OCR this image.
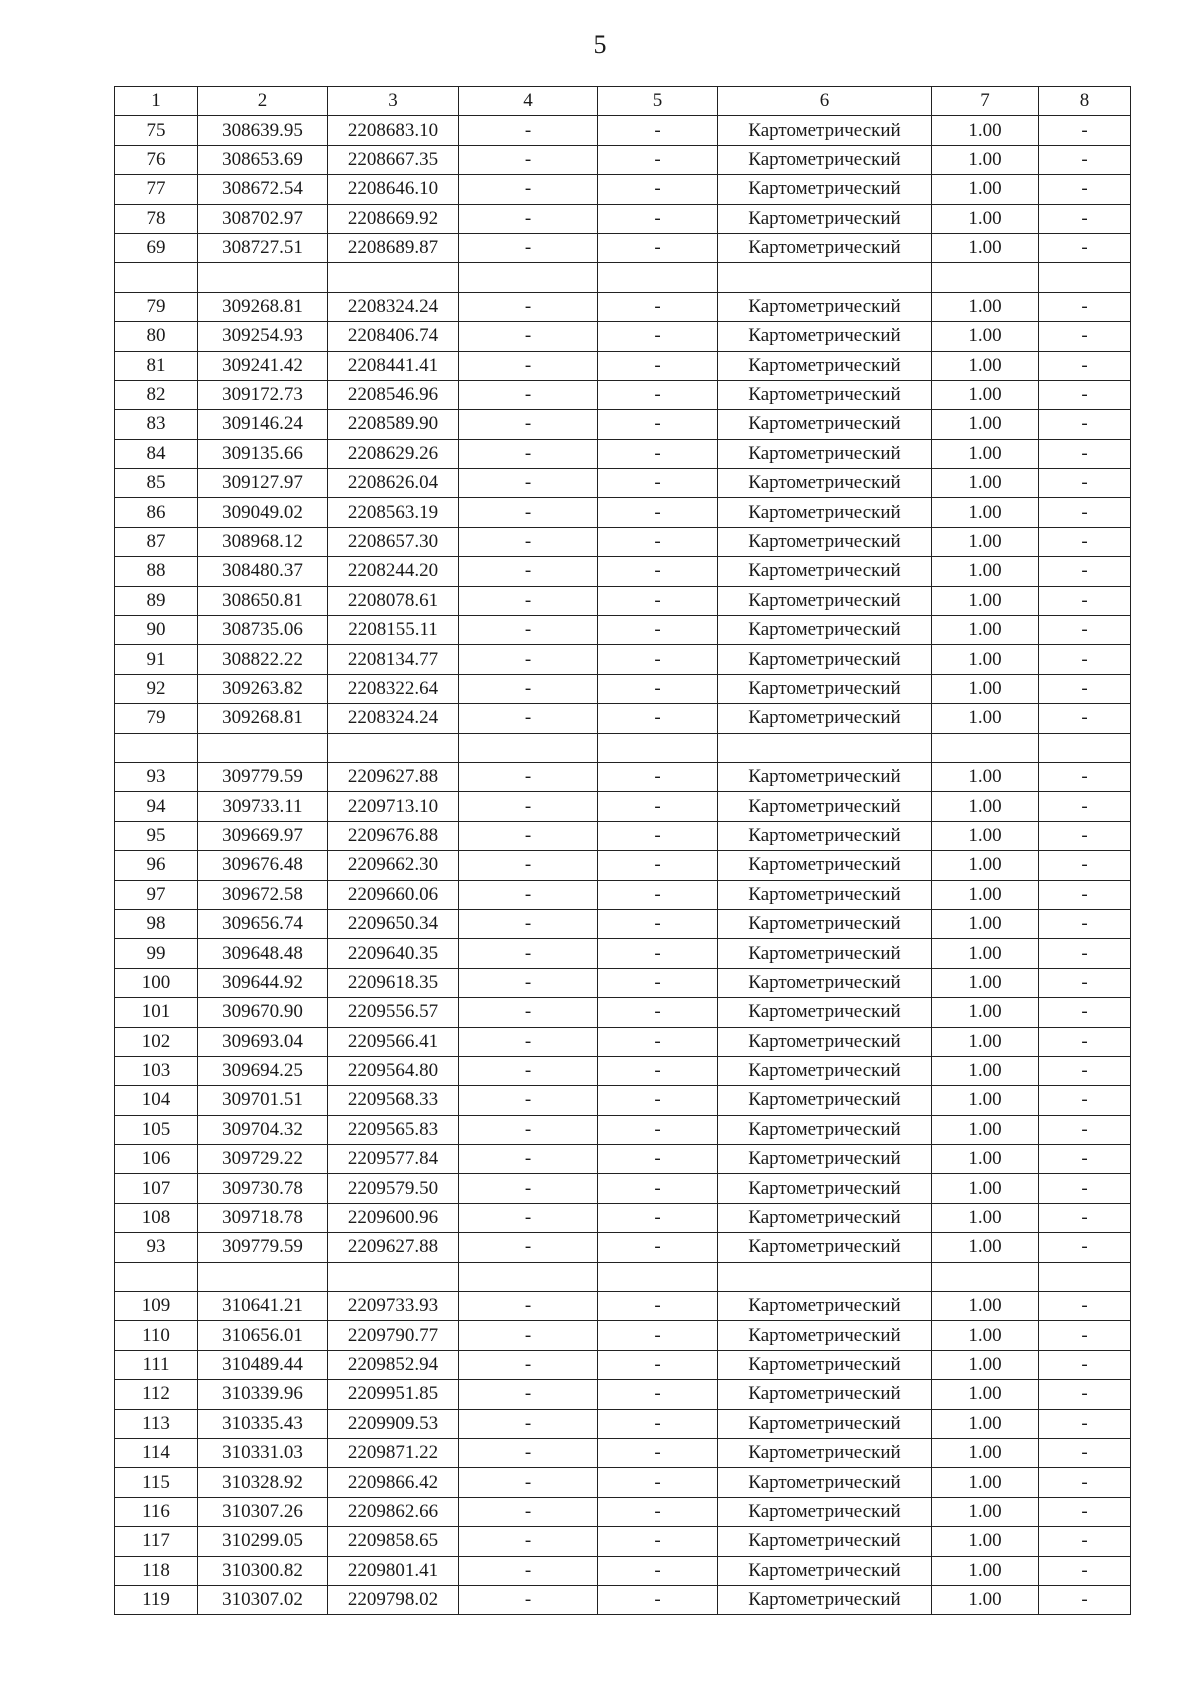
5
1	2	3	4	5	6	7	8
75	308639.95	2208683.10	-	-	Картометрический	1.00	-
76	308653.69	2208667.35	-	-	Картометрический	1.00	-
77	308672.54	2208646.10	-	-	Картометрический	1.00	-
78	308702.97	2208669.92	-	-	Картометрический	1.00	-
69	308727.51	2208689.87	-	-	Картометрический	1.00	-

79	309268.81	2208324.24	-	-	Картометрический	1.00	-
80	309254.93	2208406.74	-	-	Картометрический	1.00	-
81	309241.42	2208441.41	-	-	Картометрический	1.00	-
82	309172.73	2208546.96	-	-	Картометрический	1.00	-
83	309146.24	2208589.90	-	-	Картометрический	1.00	-
84	309135.66	2208629.26	-	-	Картометрический	1.00	-
85	309127.97	2208626.04	-	-	Картометрический	1.00	-
86	309049.02	2208563.19	-	-	Картометрический	1.00	-
87	308968.12	2208657.30	-	-	Картометрический	1.00	-
88	308480.37	2208244.20	-	-	Картометрический	1.00	-
89	308650.81	2208078.61	-	-	Картометрический	1.00	-
90	308735.06	2208155.11	-	-	Картометрический	1.00	-
91	308822.22	2208134.77	-	-	Картометрический	1.00	-
92	309263.82	2208322.64	-	-	Картометрический	1.00	-
79	309268.81	2208324.24	-	-	Картометрический	1.00	-

93	309779.59	2209627.88	-	-	Картометрический	1.00	-
94	309733.11	2209713.10	-	-	Картометрический	1.00	-
95	309669.97	2209676.88	-	-	Картометрический	1.00	-
96	309676.48	2209662.30	-	-	Картометрический	1.00	-
97	309672.58	2209660.06	-	-	Картометрический	1.00	-
98	309656.74	2209650.34	-	-	Картометрический	1.00	-
99	309648.48	2209640.35	-	-	Картометрический	1.00	-
100	309644.92	2209618.35	-	-	Картометрический	1.00	-
101	309670.90	2209556.57	-	-	Картометрический	1.00	-
102	309693.04	2209566.41	-	-	Картометрический	1.00	-
103	309694.25	2209564.80	-	-	Картометрический	1.00	-
104	309701.51	2209568.33	-	-	Картометрический	1.00	-
105	309704.32	2209565.83	-	-	Картометрический	1.00	-
106	309729.22	2209577.84	-	-	Картометрический	1.00	-
107	309730.78	2209579.50	-	-	Картометрический	1.00	-
108	309718.78	2209600.96	-	-	Картометрический	1.00	-
93	309779.59	2209627.88	-	-	Картометрический	1.00	-

109	310641.21	2209733.93	-	-	Картометрический	1.00	-
110	310656.01	2209790.77	-	-	Картометрический	1.00	-
111	310489.44	2209852.94	-	-	Картометрический	1.00	-
112	310339.96	2209951.85	-	-	Картометрический	1.00	-
113	310335.43	2209909.53	-	-	Картометрический	1.00	-
114	310331.03	2209871.22	-	-	Картометрический	1.00	-
115	310328.92	2209866.42	-	-	Картометрический	1.00	-
116	310307.26	2209862.66	-	-	Картометрический	1.00	-
117	310299.05	2209858.65	-	-	Картометрический	1.00	-
118	310300.82	2209801.41	-	-	Картометрический	1.00	-
119	310307.02	2209798.02	-	-	Картометрический	1.00	-
